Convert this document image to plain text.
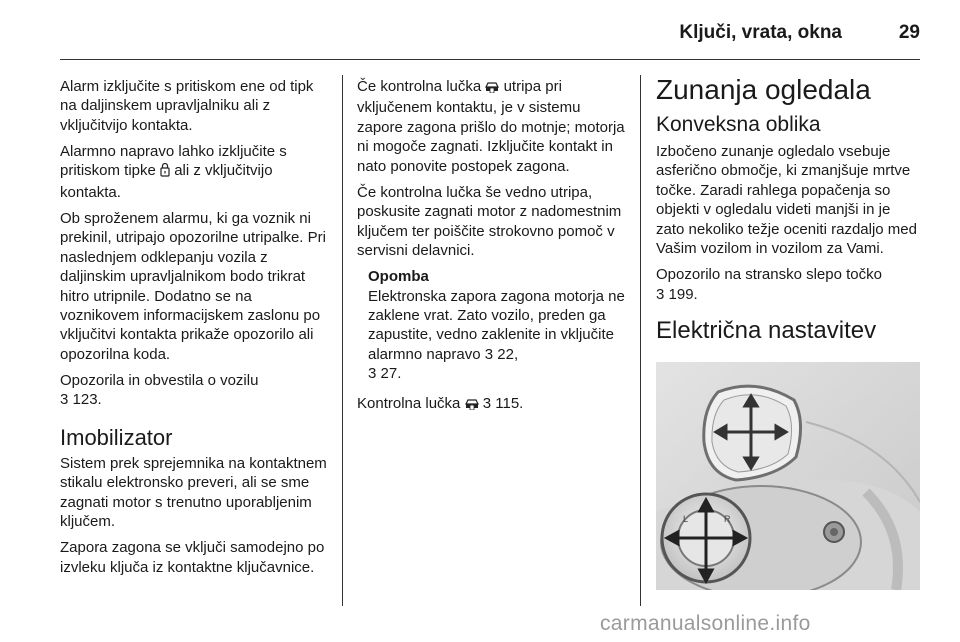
Ključi, vrata, okna	29

Alarm izključite s pritiskom ene od tipk na daljinskem upravljalniku ali z vključitvijo kontakta.

Alarmno napravo lahko izključite s pritiskom tipke ali z vključitvijo kontakta.

Ob sproženem alarmu, ki ga voznik ni prekinil, utripajo opozorilne utripalke. Pri naslednjem odklepanju vozila z daljinskim upravljalnikom bodo trikrat hitro utripnile. Dodatno se na voznikovem informacijskem zaslonu po vključitvi kontakta prikaže opozorilo ali opozorilna koda.

Opozorila in obvestila o vozilu
3 123.

Imobilizator

Sistem prek sprejemnika na kontaktnem stikalu elektronsko preveri, ali se sme zagnati motor s trenutno uporabljenim ključem.

Zapora zagona se vključi samodejno po izvleku ključa iz kontaktne ključavnice.

Če kontrolna lučka utripa pri vključenem kontaktu, je v sistemu zapore zagona prišlo do motnje; motorja ni mogoče zagnati. Izključite kontakt in nato ponovite postopek zagona.

Če kontrolna lučka še vedno utripa, poskusite zagnati motor z nadomestnim ključem ter poiščite strokovno pomoč v servisni delavnici.

Opomba
Elektronska zapora zagona motorja ne zaklene vrat. Zato vozilo, preden ga zapustite, vedno zaklenite in vključite alarmno napravo 3 22,
3 27.

Kontrolna lučka 3 115.

Zunanja ogledala
Konveksna oblika

Izbočeno zunanje ogledalo vsebuje asferično območje, ki zmanjšuje mrtve točke. Zaradi rahlega popačenja so objekti v ogledalu videti manjši in je zato nekoliko težje oceniti razdaljo med Vašim vozilom in vozilom za Vami.

Opozorilo na stransko slepo točko
3 199.

Električna nastavitev
L	R
carmanualsonline.info
